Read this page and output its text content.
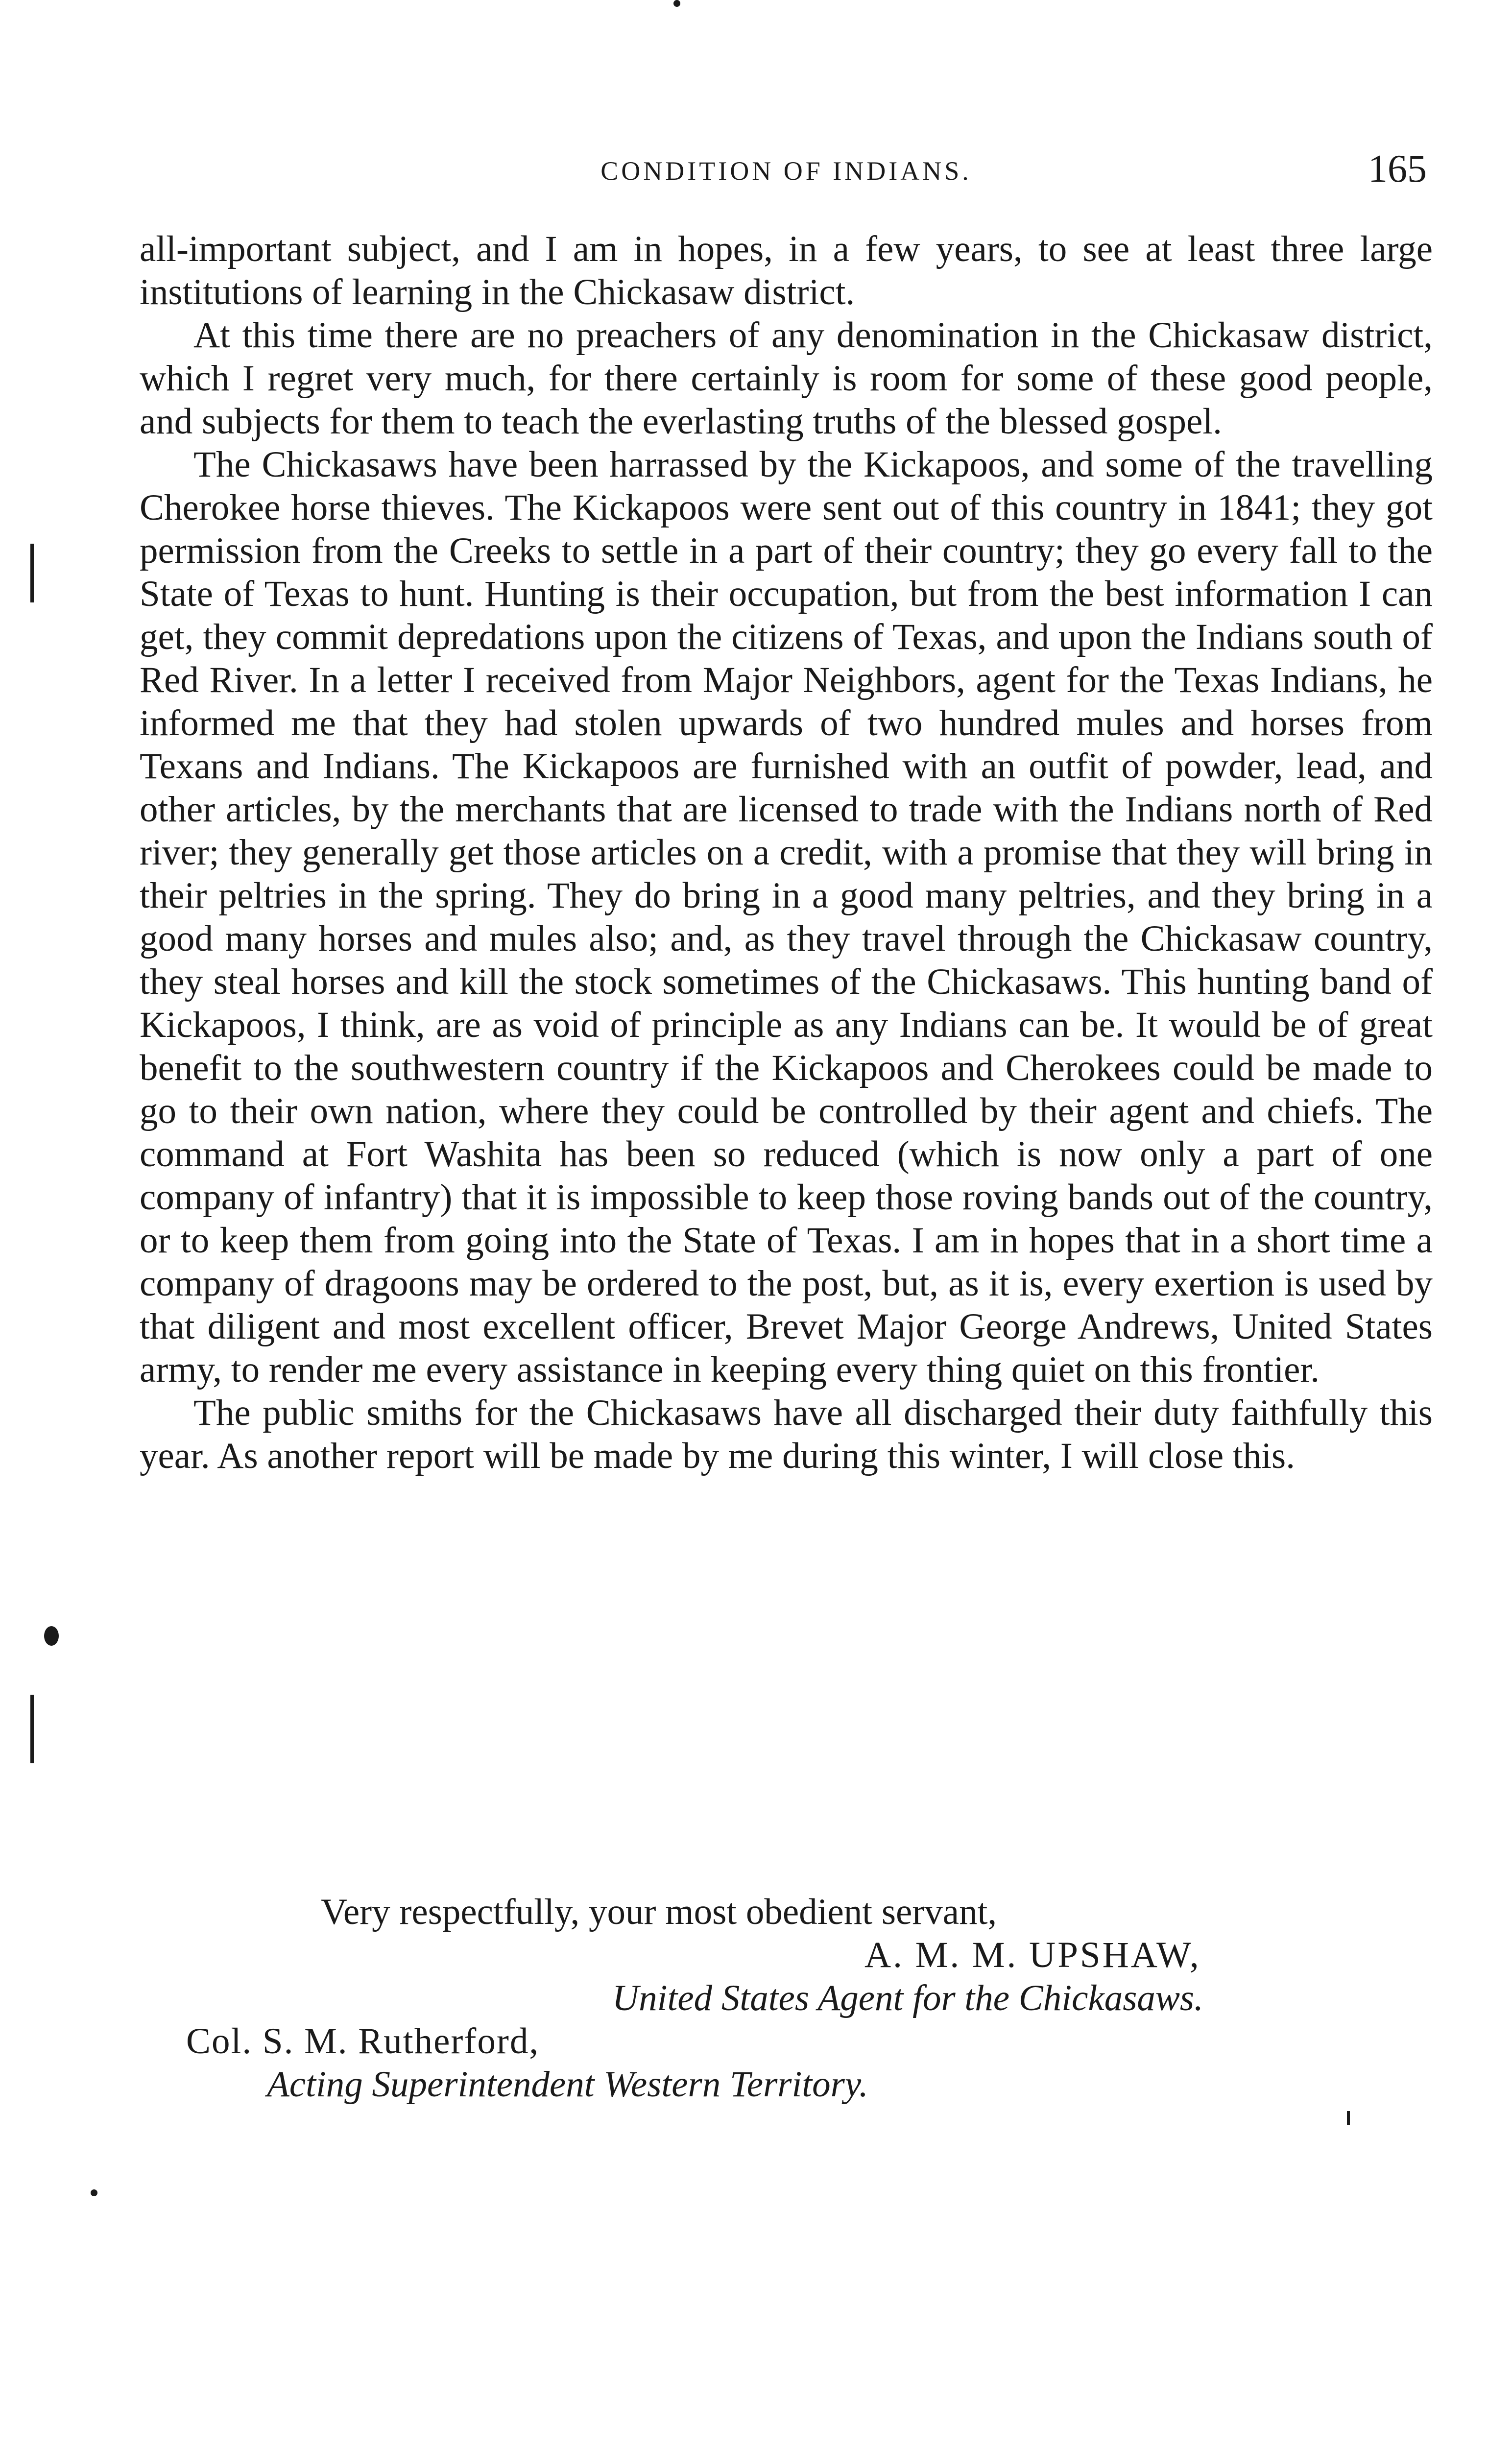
CONDITION OF INDIANS.	165

all-important subject, and I am in hopes, in a few years, to see at least three large institutions of learning in the Chickasaw district.

At this time there are no preachers of any denomination in the Chickasaw district, which I regret very much, for there certainly is room for some of these good people, and subjects for them to teach the everlasting truths of the blessed gospel.

The Chickasaws have been harrassed by the Kickapoos, and some of the travelling Cherokee horse thieves. The Kickapoos were sent out of this country in 1841; they got permission from the Creeks to settle in a part of their country; they go every fall to the State of Texas to hunt. Hunting is their occupation, but from the best information I can get, they commit depredations upon the citizens of Texas, and upon the Indians south of Red River. In a letter I received from Major Neighbors, agent for the Texas Indians, he informed me that they had stolen upwards of two hundred mules and horses from Texans and Indians. The Kickapoos are furnished with an outfit of powder, lead, and other articles, by the merchants that are licensed to trade with the Indians north of Red river; they generally get those articles on a credit, with a promise that they will bring in their peltries in the spring. They do bring in a good many peltries, and they bring in a good many horses and mules also; and, as they travel through the Chickasaw country, they steal horses and kill the stock sometimes of the Chickasaws. This hunting band of Kickapoos, I think, are as void of principle as any Indians can be. It would be of great benefit to the southwestern country if the Kickapoos and Cherokees could be made to go to their own nation, where they could be controlled by their agent and chiefs. The command at Fort Washita has been so reduced (which is now only a part of one company of infantry) that it is impossible to keep those roving bands out of the country, or to keep them from going into the State of Texas. I am in hopes that in a short time a company of dragoons may be ordered to the post, but, as it is, every exertion is used by that diligent and most excellent officer, Brevet Major George Andrews, United States army, to render me every assistance in keeping every thing quiet on this frontier.

The public smiths for the Chickasaws have all discharged their duty faithfully this year. As another report will be made by me during this winter, I will close this.

Very respectfully, your most obedient servant,
A. M. M. UPSHAW,
United States Agent for the Chickasaws.
Col. S. M. Rutherford,
Acting Superintendent Western Territory.
